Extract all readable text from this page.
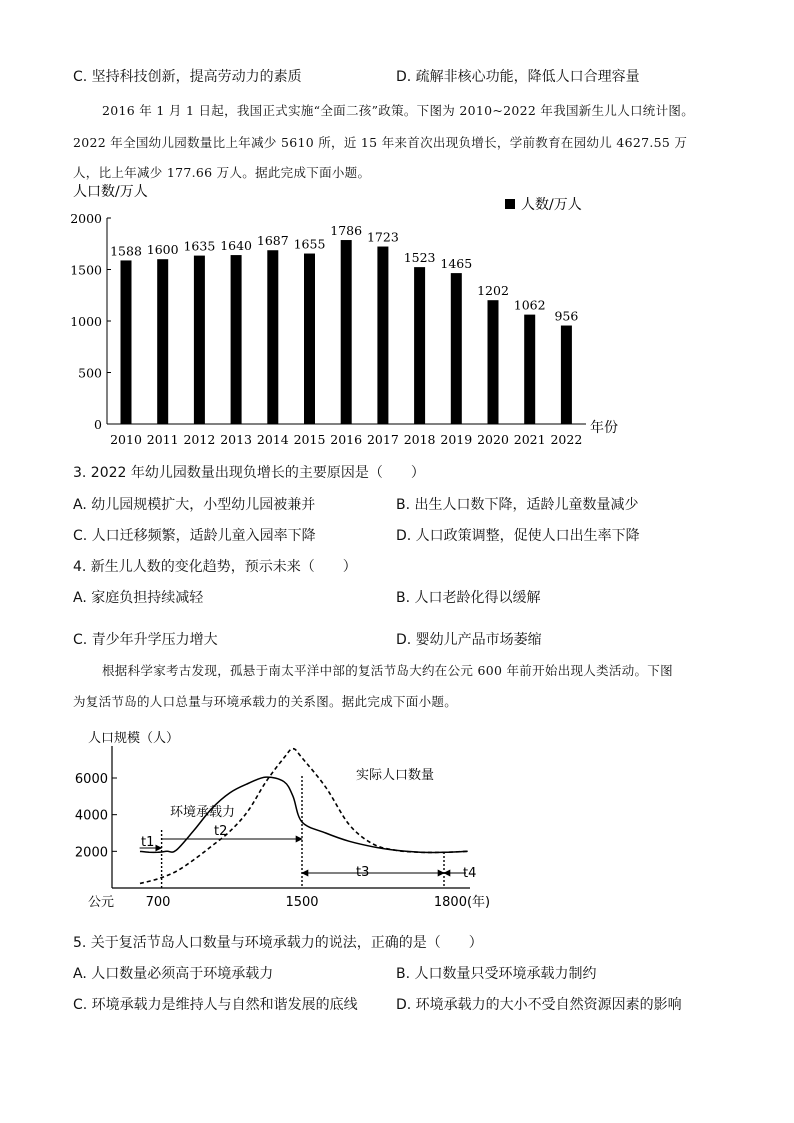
C. 坚持科技创新，提高劳动力的素质	D. 疏解非核心功能，降低人口合理容量
2016 年 1 月 1 日起，我国正式实施“全面二孩”政策。下图为 2010~2022 年我国新生儿人口统计图。
2022 年全国幼儿园数量比上年减少 5610 所，近 15 年来首次出现负增长，学前教育在园幼儿 4627.55 万
人，比上年减少 177.66 万人。据此完成下面小题。
人口数/万人
人数/万人
年份
2000
1500
1000
500
0
1588
2010
1600
2011
1635
2012
1640
2013
1687
2014
1655
2015
1786
2016
1723
2017
1523
2018
1465
2019
1202
2020
1062
2021
956
2022
3. 2022 年幼儿园数量出现负增长的主要原因是（　　）
A. 幼儿园规模扩大，小型幼儿园被兼并	B. 出生人口数下降，适龄儿童数量减少
C. 人口迁移频繁，适龄儿童入园率下降	D. 人口政策调整，促使人口出生率下降
4. 新生儿人数的变化趋势，预示未来（　　）
A. 家庭负担持续减轻	B. 人口老龄化得以缓解
C. 青少年升学压力增大	D. 婴幼儿产品市场萎缩
根据科学家考古发现，孤悬于南太平洋中部的复活节岛大约在公元 600 年前开始出现人类活动。下图
为复活节岛的人口总量与环境承载力的关系图。据此完成下面小题。
人口规模（人）
6000
4000
2000
公元 700	1500	1800(年)
环境承载力
实际人口数量
t1
t2
t3	t4
5. 关于复活节岛人口数量与环境承载力的说法，正确的是（　　）
A. 人口数量必须高于环境承载力	B. 人口数量只受环境承载力制约
C. 环境承载力是维持人与自然和谐发展的底线	D. 环境承载力的大小不受自然资源因素的影响
